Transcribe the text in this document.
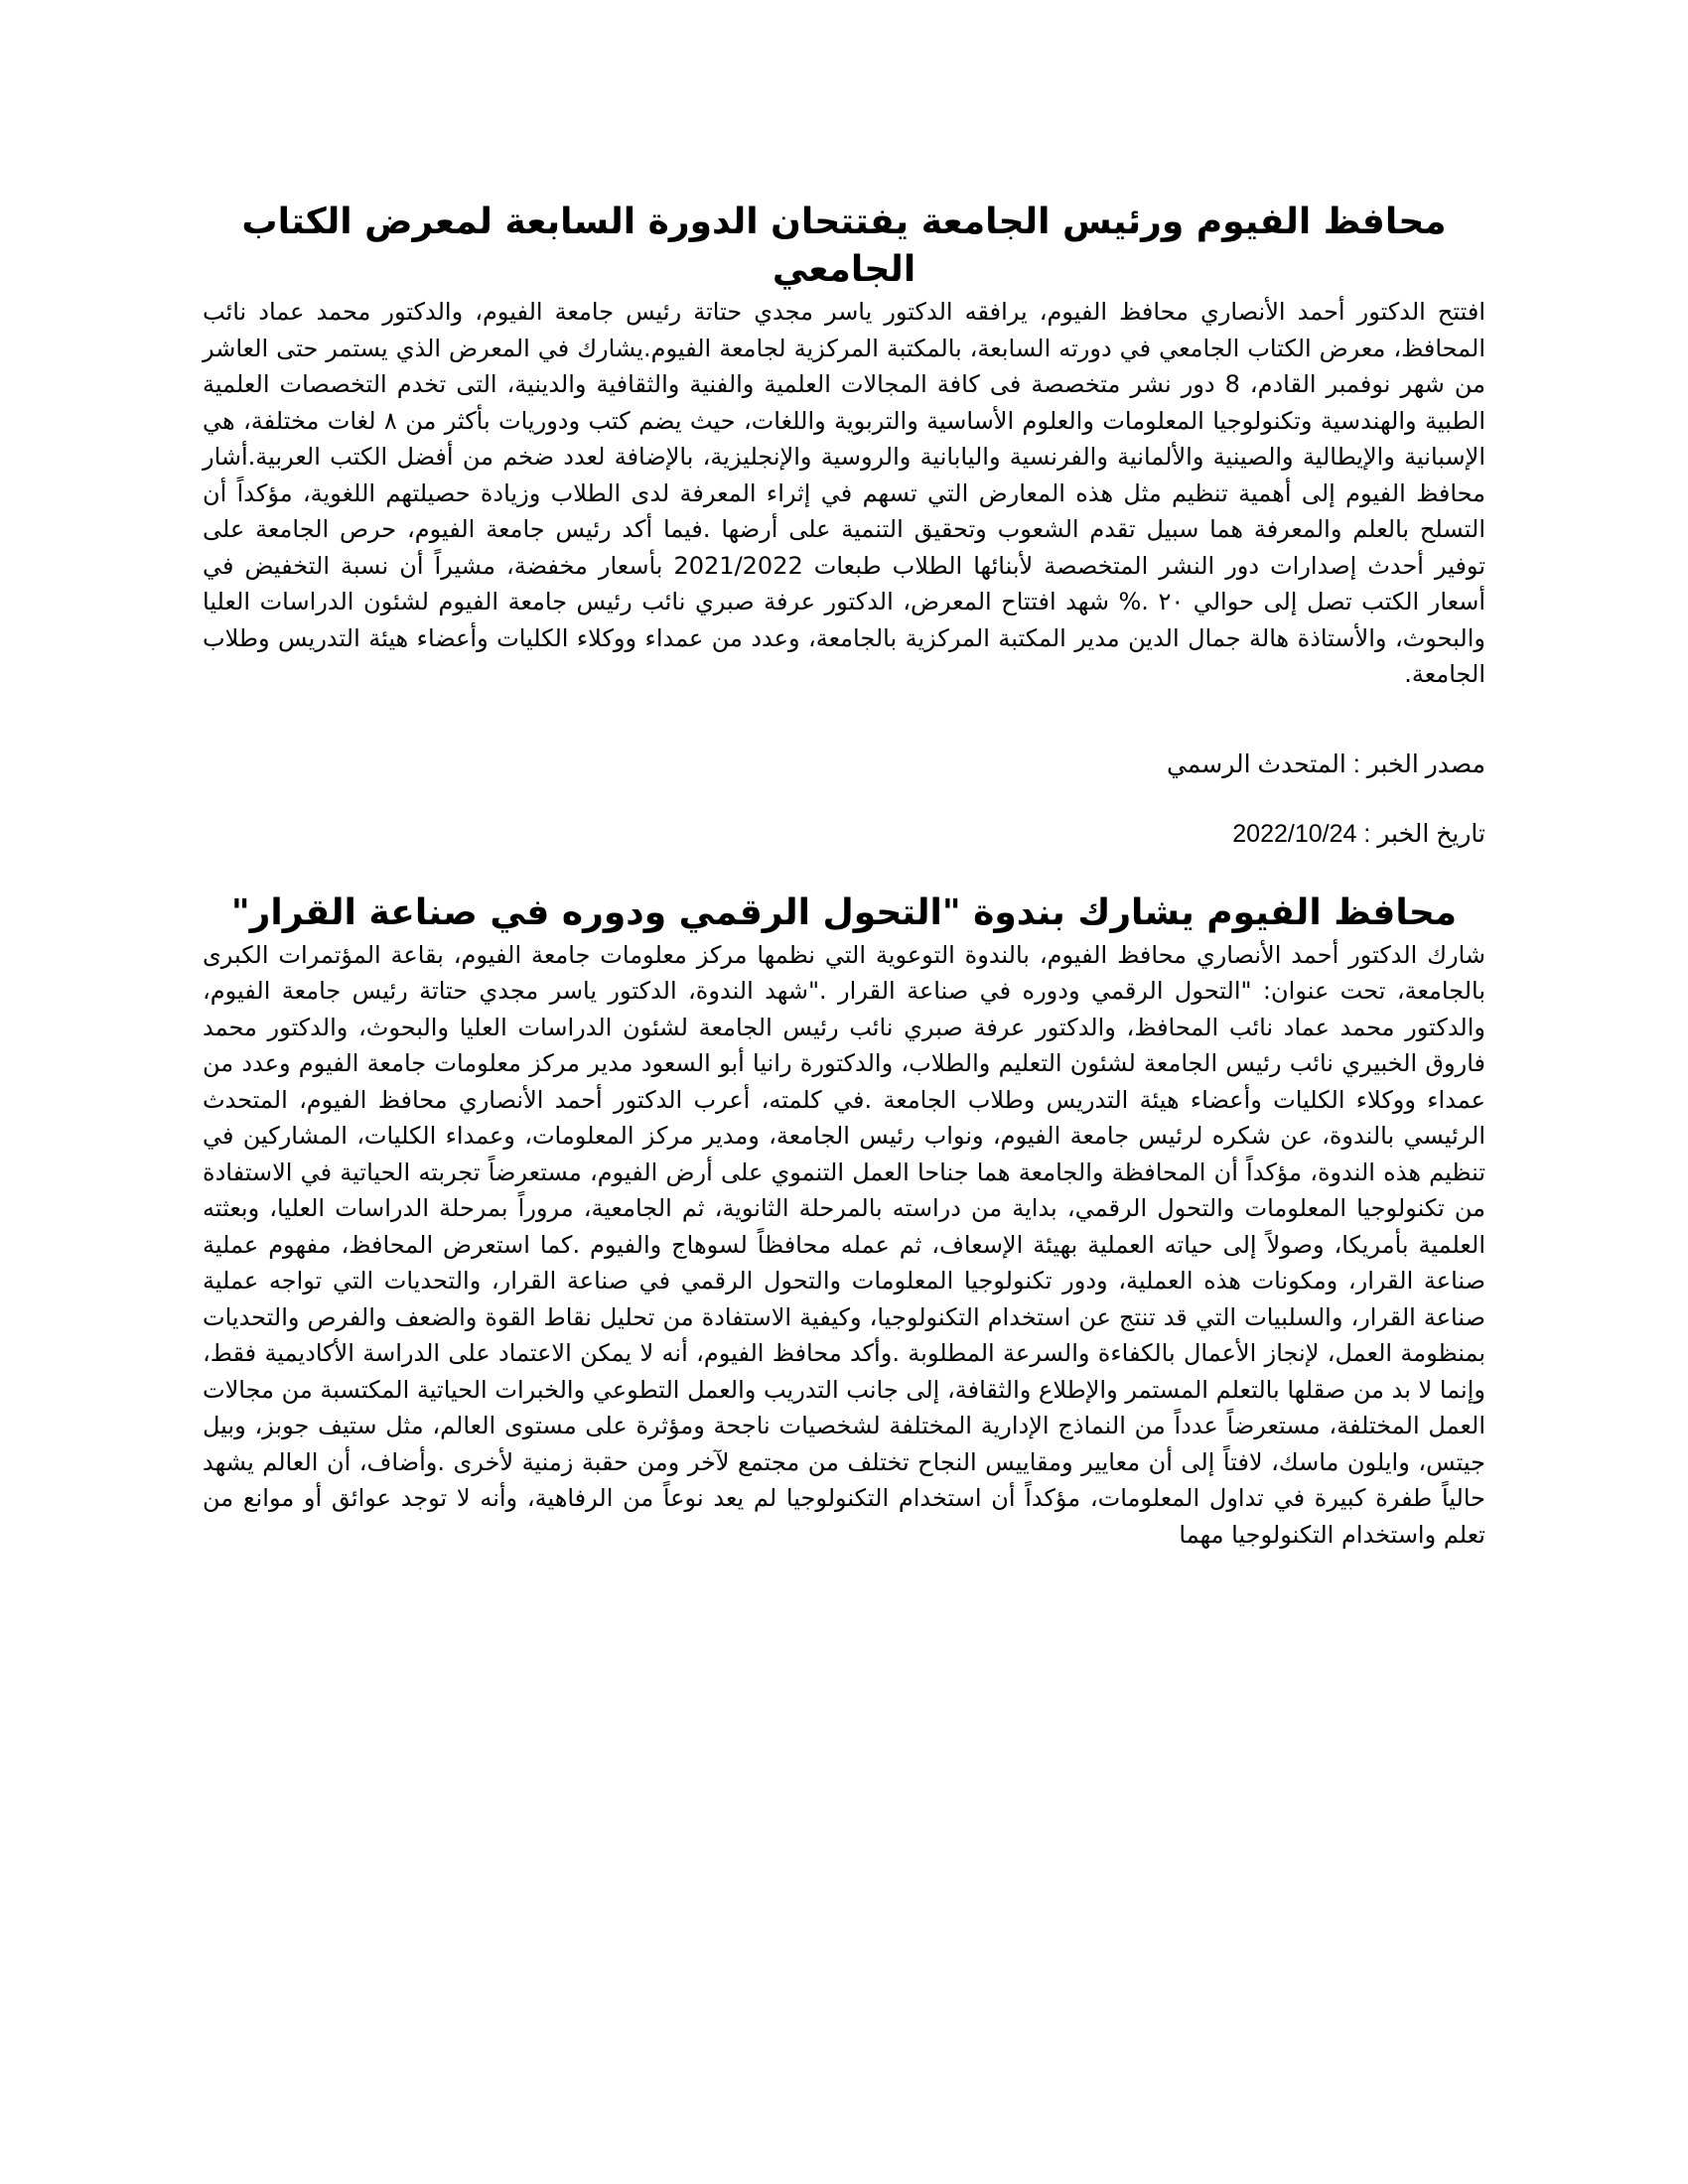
محافظ الفيوم ورئيس الجامعة يفتتحان الدورة السابعة لمعرض الكتاب الجامعي

افتتح الدكتور أحمد الأنصاري محافظ الفيوم، يرافقه الدكتور ياسر مجدي حتاتة رئيس جامعة الفيوم، والدكتور محمد عماد نائب المحافظ، معرض الكتاب الجامعي في دورته السابعة، بالمكتبة المركزية لجامعة الفيوم.يشارك في المعرض الذي يستمر حتى العاشر من شهر نوفمبر القادم، 8 دور نشر متخصصة فى كافة المجالات العلمية والفنية والثقافية والدينية، التى تخدم التخصصات العلمية الطبية والهندسية وتكنولوجيا المعلومات والعلوم الأساسية والتربوية واللغات، حيث يضم كتب ودوريات بأكثر من ٨ لغات مختلفة، هي الإسبانية والإيطالية والصينية والألمانية والفرنسية واليابانية والروسية والإنجليزية، بالإضافة لعدد ضخم من أفضل الكتب العربية.أشار محافظ الفيوم إلى أهمية تنظيم مثل هذه المعارض التي تسهم في إثراء المعرفة لدى الطلاب وزيادة حصيلتهم اللغوية، مؤكداً أن التسلح بالعلم والمعرفة هما سبيل تقدم الشعوب وتحقيق التنمية على أرضها .فيما أكد رئيس جامعة الفيوم، حرص الجامعة على توفير أحدث إصدارات دور النشر المتخصصة لأبنائها الطلاب طبعات 2021/2022 بأسعار مخفضة، مشيراً أن نسبة التخفيض في أسعار الكتب تصل إلى حوالي ٢٠ .% شهد افتتاح المعرض، الدكتور عرفة صبري نائب رئيس جامعة الفيوم لشئون الدراسات العليا والبحوث، والأستاذة هالة جمال الدين مدير المكتبة المركزية بالجامعة، وعدد من عمداء ووكلاء الكليات وأعضاء هيئة التدريس وطلاب الجامعة.

مصدر الخبر : المتحدث الرسمي

تاريخ الخبر : 2022/10/24

محافظ الفيوم يشارك بندوة "التحول الرقمي ودوره في صناعة القرار"

شارك الدكتور أحمد الأنصاري محافظ الفيوم، بالندوة التوعوية التي نظمها مركز معلومات جامعة الفيوم، بقاعة المؤتمرات الكبرى بالجامعة، تحت عنوان: "التحول الرقمي ودوره في صناعة القرار ."شهد الندوة، الدكتور ياسر مجدي حتاتة رئيس جامعة الفيوم، والدكتور محمد عماد نائب المحافظ، والدكتور عرفة صبري نائب رئيس الجامعة لشئون الدراسات العليا والبحوث، والدكتور محمد فاروق الخبيري نائب رئيس الجامعة لشئون التعليم والطلاب، والدكتورة رانيا أبو السعود مدير مركز معلومات جامعة الفيوم وعدد من عمداء ووكلاء الكليات وأعضاء هيئة التدريس وطلاب الجامعة .في كلمته، أعرب الدكتور أحمد الأنصاري محافظ الفيوم، المتحدث الرئيسي بالندوة، عن شكره لرئيس جامعة الفيوم، ونواب رئيس الجامعة، ومدير مركز المعلومات، وعمداء الكليات، المشاركين في تنظيم هذه الندوة، مؤكداً أن المحافظة والجامعة هما جناحا العمل التنموي على أرض الفيوم، مستعرضاً تجربته الحياتية في الاستفادة من تكنولوجيا المعلومات والتحول الرقمي، بداية من دراسته بالمرحلة الثانوية، ثم الجامعية، مروراً بمرحلة الدراسات العليا، وبعثته العلمية بأمريكا، وصولاً إلى حياته العملية بهيئة الإسعاف، ثم عمله محافظاً لسوهاج والفيوم .كما استعرض المحافظ، مفهوم عملية صناعة القرار، ومكونات هذه العملية، ودور تكنولوجيا المعلومات والتحول الرقمي في صناعة القرار، والتحديات التي تواجه عملية صناعة القرار، والسلبيات التي قد تنتج عن استخدام التكنولوجيا، وكيفية الاستفادة من تحليل نقاط القوة والضعف والفرص والتحديات بمنظومة العمل، لإنجاز الأعمال بالكفاءة والسرعة المطلوبة .وأكد محافظ الفيوم، أنه لا يمكن الاعتماد على الدراسة الأكاديمية فقط، وإنما لا بد من صقلها بالتعلم المستمر والإطلاع والثقافة، إلى جانب التدريب والعمل التطوعي والخبرات الحياتية المكتسبة من مجالات العمل المختلفة، مستعرضاً عدداً من النماذج الإدارية المختلفة لشخصيات ناجحة ومؤثرة على مستوى العالم، مثل ستيف جوبز، وبيل جيتس، وايلون ماسك، لافتاً إلى أن معايير ومقاييس النجاح تختلف من مجتمع لآخر ومن حقبة زمنية لأخرى .وأضاف، أن العالم يشهد حالياً طفرة كبيرة في تداول المعلومات، مؤكداً أن استخدام التكنولوجيا لم يعد نوعاً من الرفاهية، وأنه لا توجد عوائق أو موانع من تعلم واستخدام التكنولوجيا مهما
